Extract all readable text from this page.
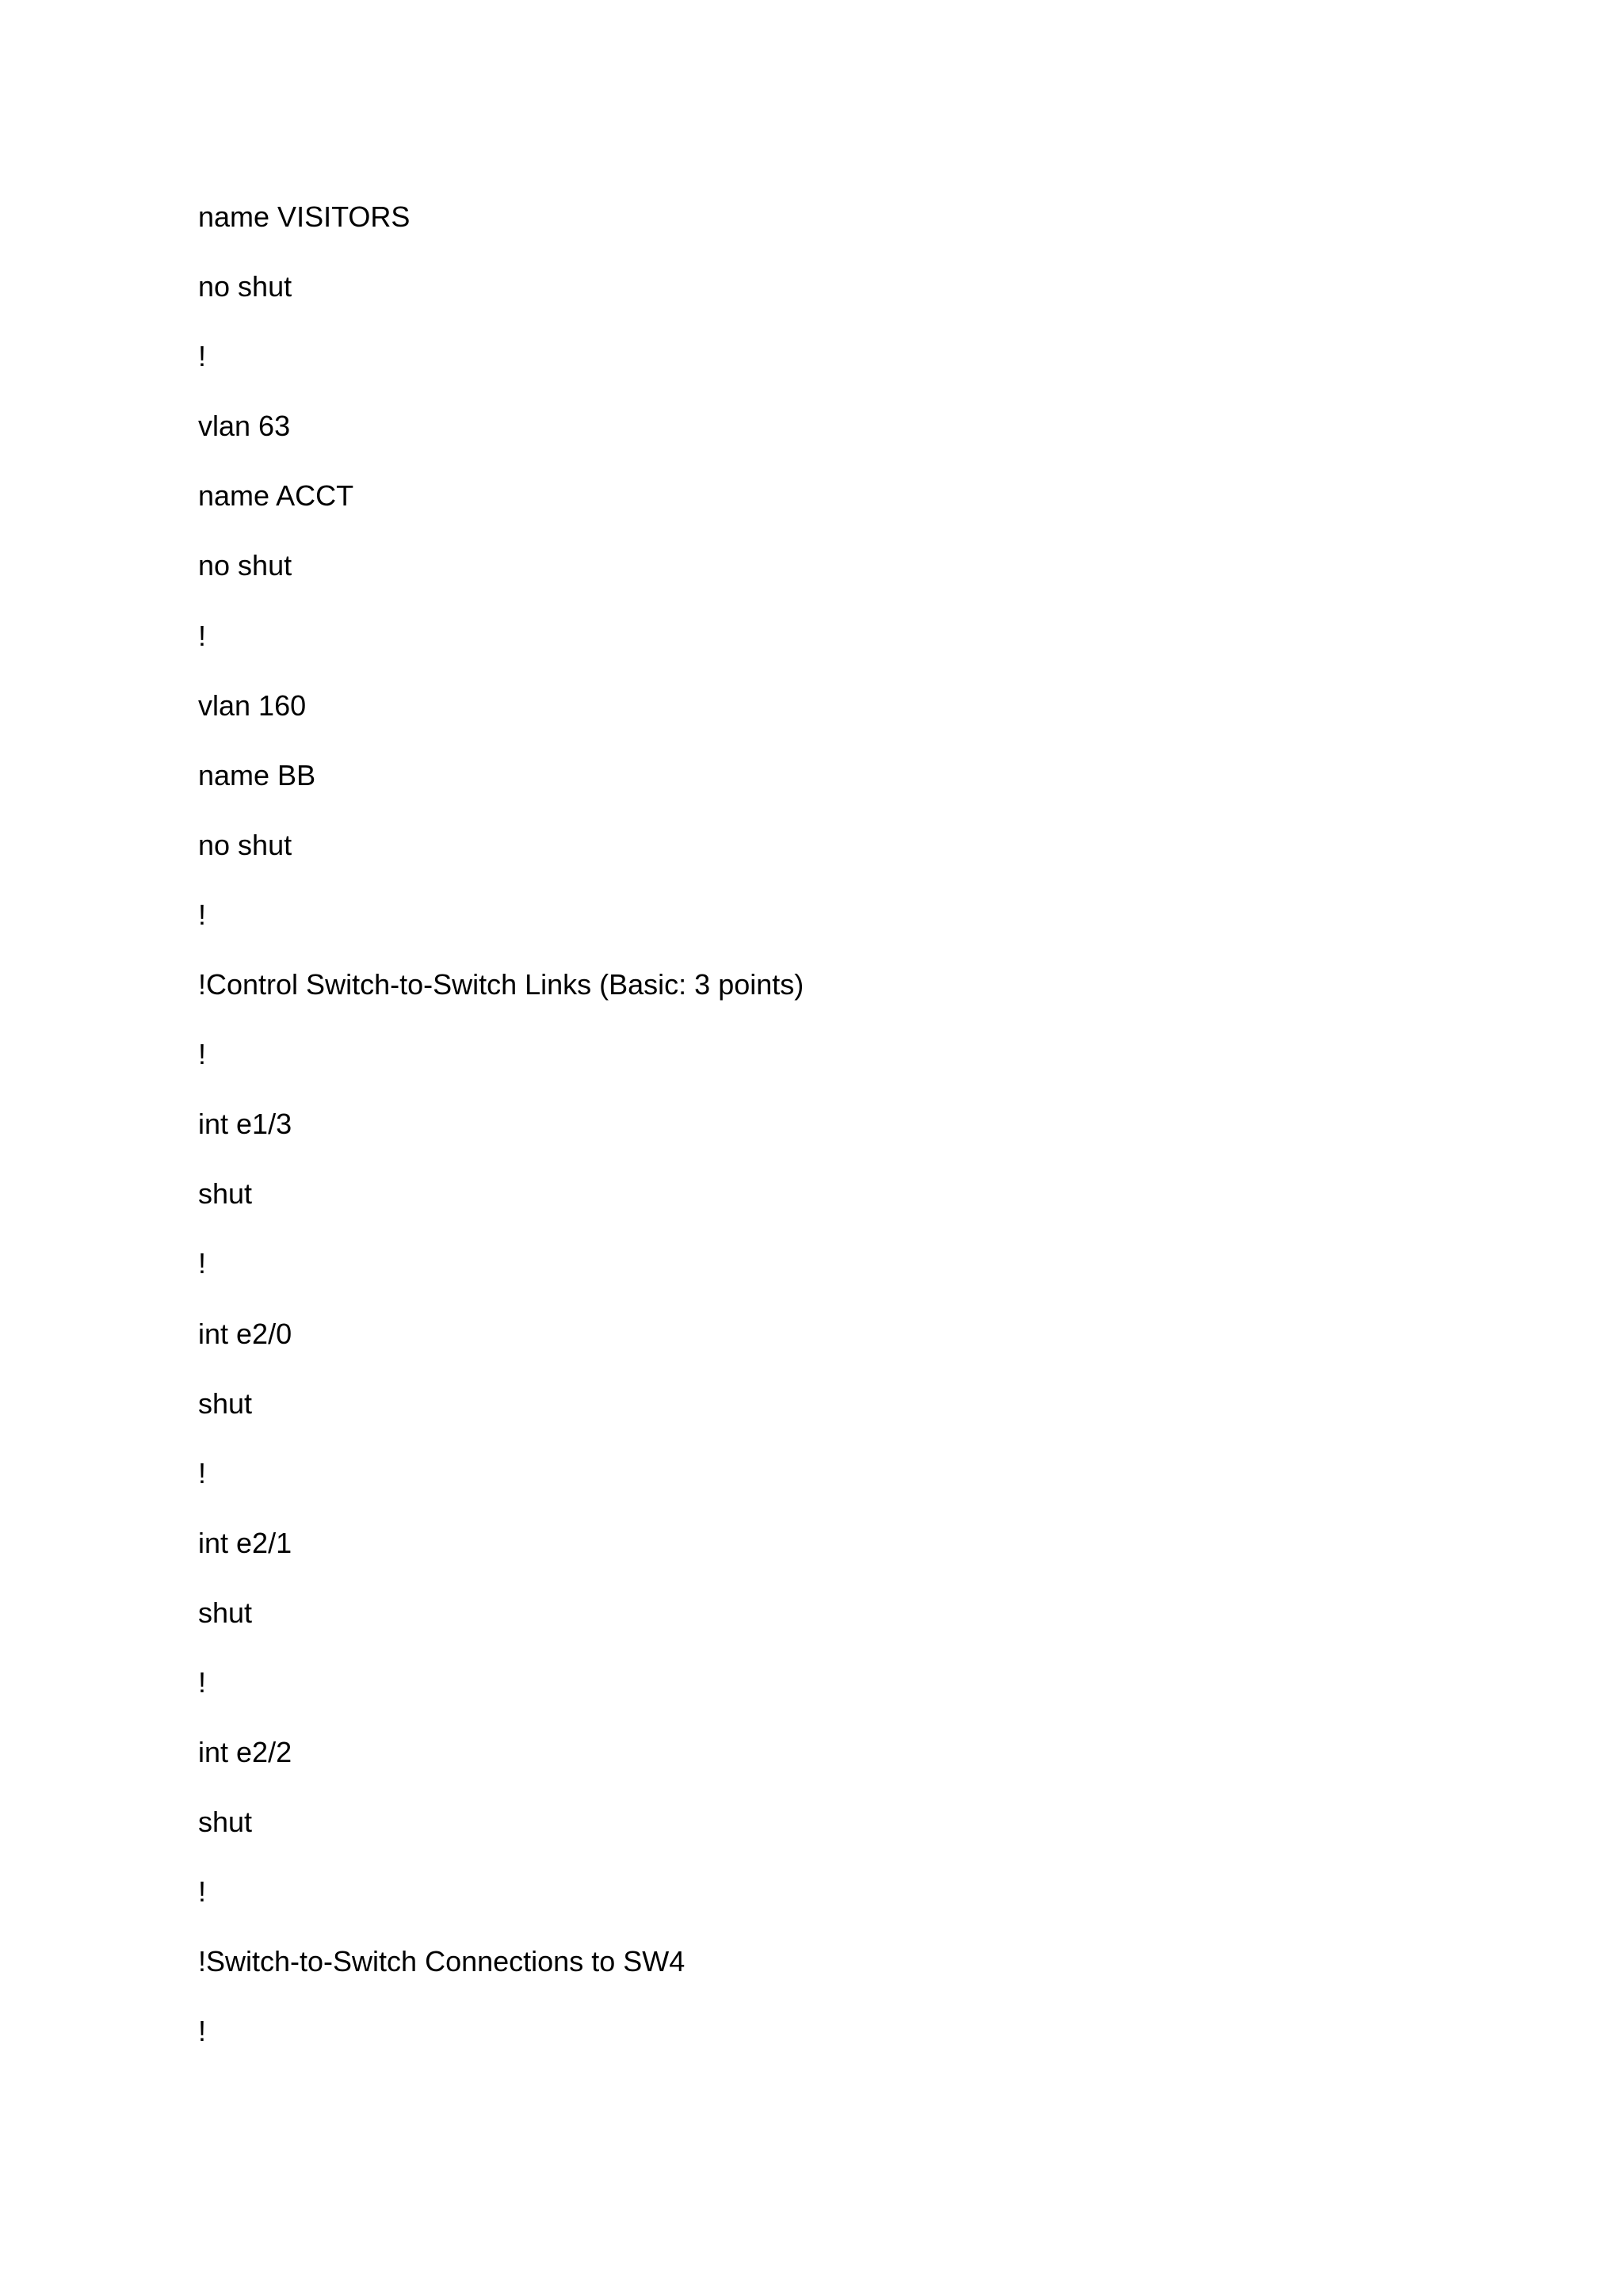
name VISITORS
no shut
!
vlan 63
name ACCT
no shut
!
vlan 160
name BB
no shut
!
!Control Switch-to-Switch Links (Basic: 3 points)
!
int e1/3
shut
!
int e2/0
shut
!
int e2/1
shut
!
int e2/2
shut
!
!Switch-to-Switch Connections to SW4
!
